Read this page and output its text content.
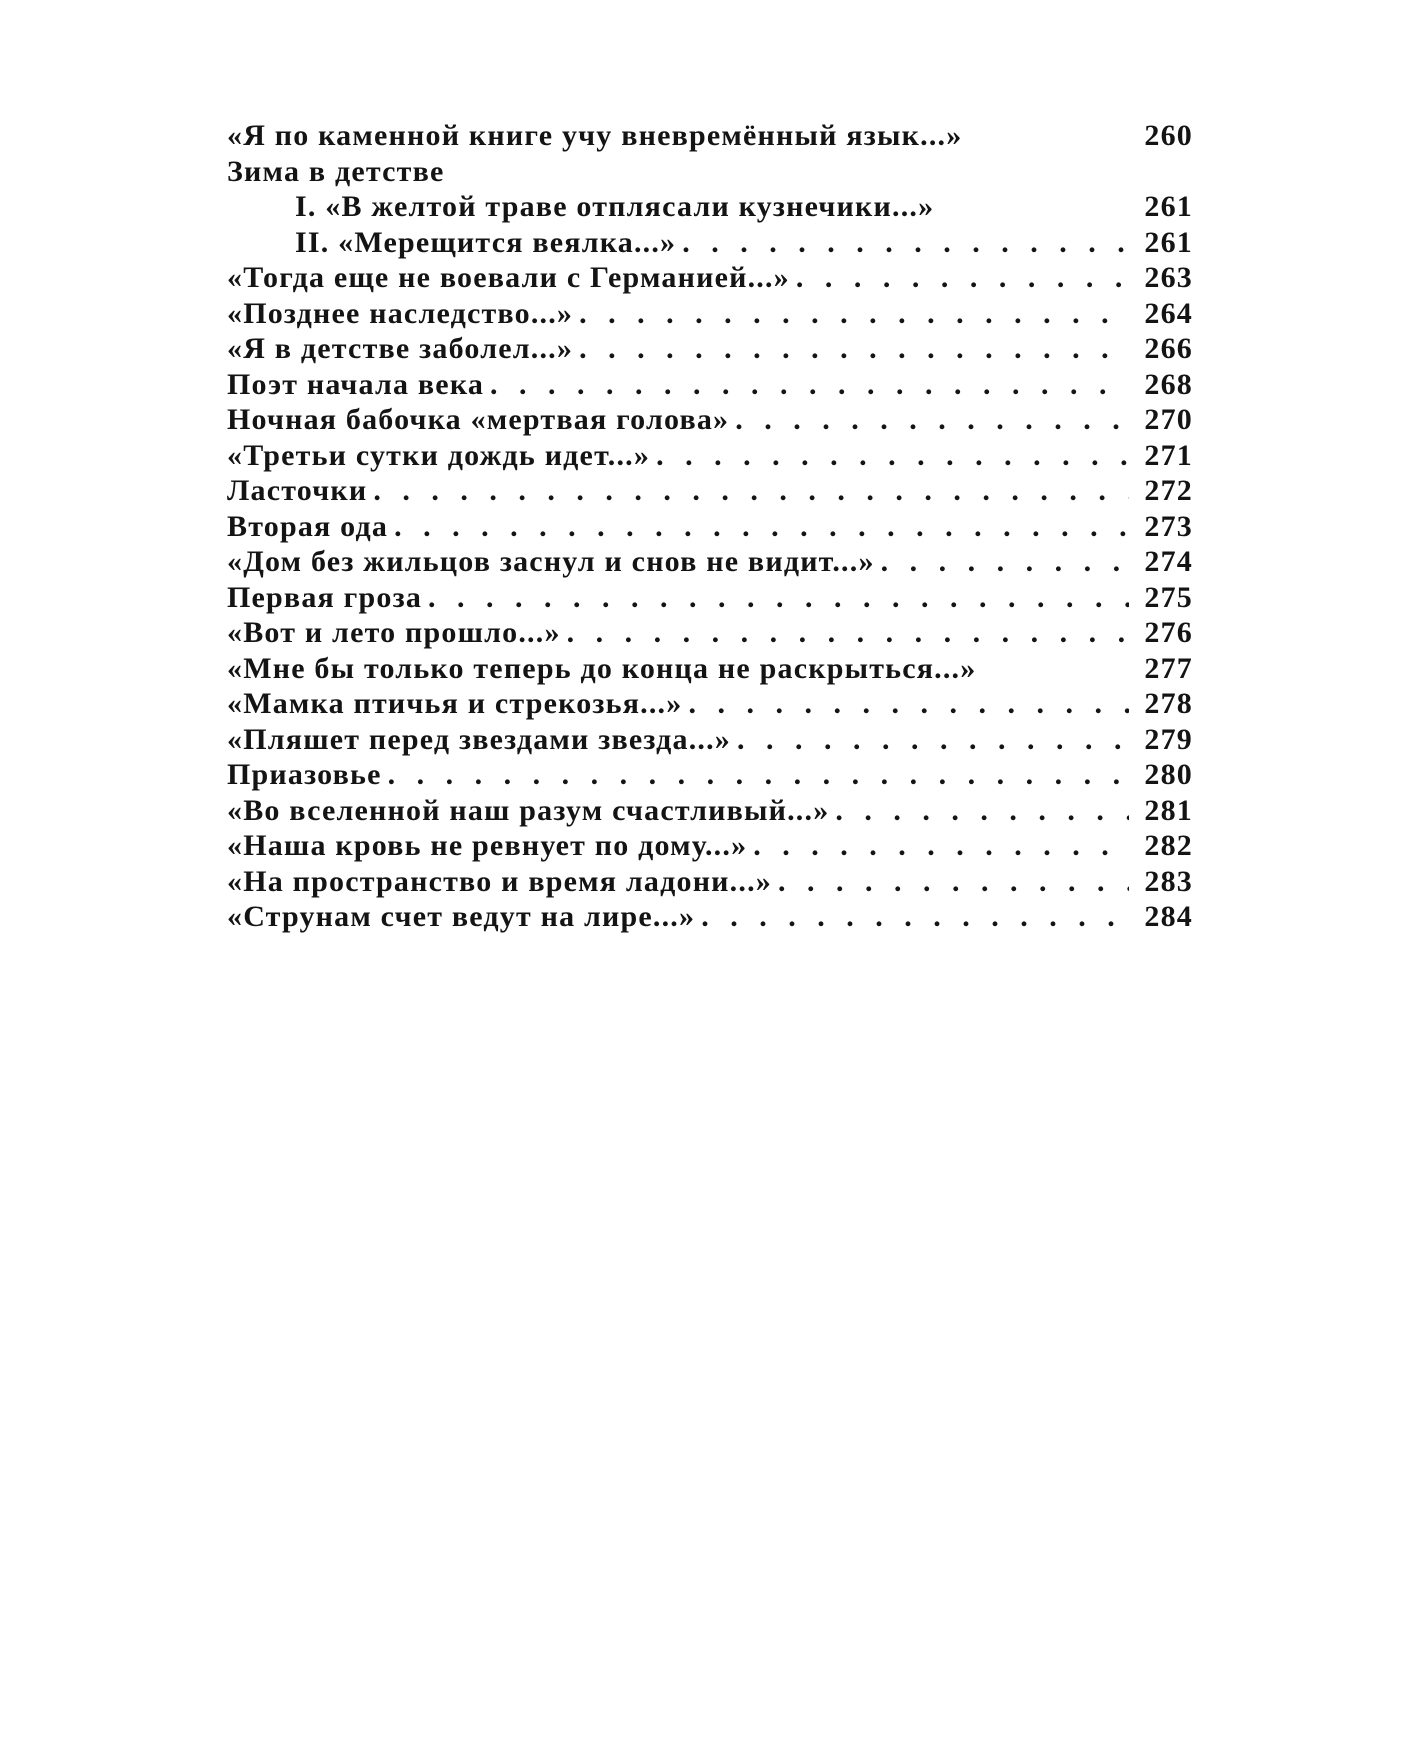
«Я по каменной книге учу вневремённый язык...»	260
Зима в детстве
I. «В желтой траве отплясали кузнечики...»	261
II. «Мерещится веялка...» . . .	261
«Тогда еще не воевали с Германией...» . . .	263
«Позднее наследство...» . . .	264
«Я в детстве заболел...» . . .	266
Поэт начала века . . .	268
Ночная бабочка «мертвая голова» . . .	270
«Третьи сутки дождь идет...» . . .	271
Ласточки . . .	272
Вторая ода . . .	273
«Дом без жильцов заснул и снов не видит...» . . .	274
Первая гроза . . .	275
«Вот и лето прошло...» . . .	276
«Мне бы только теперь до конца не раскрыться...»	277
«Мамка птичья и стрекозья...» . . .	278
«Пляшет перед звездами звезда...» . . .	279
Приазовье . . .	280
«Во вселенной наш разум счастливый...» . . .	281
«Наша кровь не ревнует по дому...» . . .	282
«На пространство и время ладони...» . . .	283
«Струнам счет ведут на лире...» . . .	284
